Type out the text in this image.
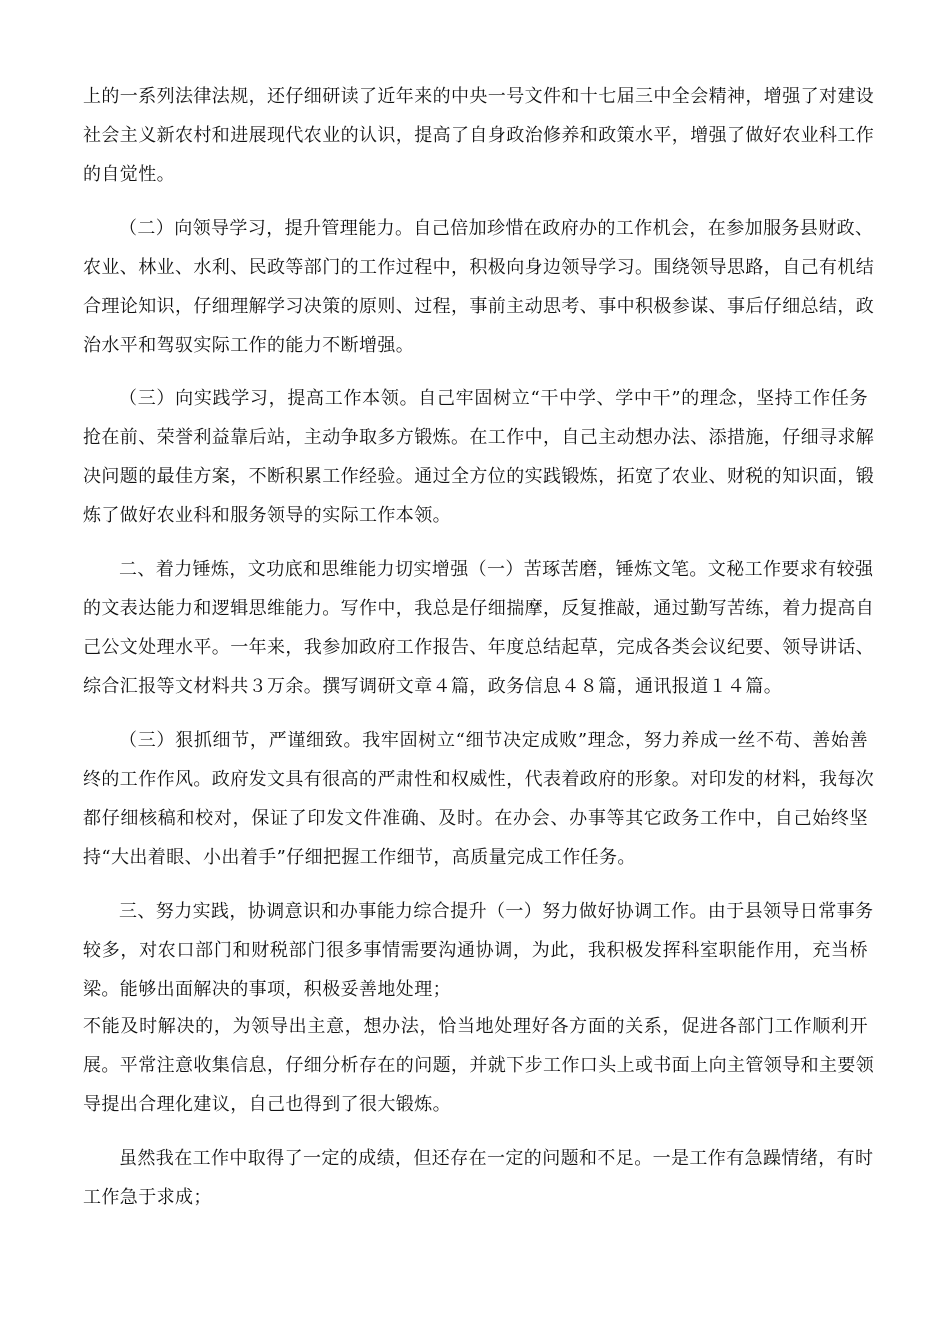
上的一系列法律法规，还仔细研读了近年来的中央一号文件和十七届三中全会精神，增强了对建设
社会主义新农村和进展现代农业的认识，提高了自身政治修养和政策水平，增强了做好农业科工作
的自觉性。
（二）向领导学习，提升管理能力。自己倍加珍惜在政府办的工作机会，在参加服务县财政、
农业、林业、水利、民政等部门的工作过程中，积极向身边领导学习。围绕领导思路，自己有机结
合理论知识，仔细理解学习决策的原则、过程，事前主动思考、事中积极参谋、事后仔细总结，政
治水平和驾驭实际工作的能力不断增强。
（三）向实践学习，提高工作本领。自己牢固树立“干中学、学中干”的理念，坚持工作任务
抢在前、荣誉利益靠后站，主动争取多方锻炼。在工作中，自己主动想办法、添措施，仔细寻求解
决问题的最佳方案，不断积累工作经验。通过全方位的实践锻炼，拓宽了农业、财税的知识面，锻
炼了做好农业科和服务领导的实际工作本领。
二、着力锤炼，文功底和思维能力切实增强（一）苦琢苦磨，锤炼文笔。文秘工作要求有较强
的文表达能力和逻辑思维能力。写作中，我总是仔细揣摩，反复推敲，通过勤写苦练，着力提高自
己公文处理水平。一年来，我参加政府工作报告、年度总结起草，完成各类会议纪要、领导讲话、
综合汇报等文材料共３万余。撰写调研文章４篇，政务信息４８篇，通讯报道１４篇。
（三）狠抓细节，严谨细致。我牢固树立“细节决定成败”理念，努力养成一丝不苟、善始善
终的工作作风。政府发文具有很高的严肃性和权威性，代表着政府的形象。对印发的材料，我每次
都仔细核稿和校对，保证了印发文件准确、及时。在办会、办事等其它政务工作中，自己始终坚
持“大出着眼、小出着手”仔细把握工作细节，高质量完成工作任务。
三、努力实践，协调意识和办事能力综合提升（一）努力做好协调工作。由于县领导日常事务
较多，对农口部门和财税部门很多事情需要沟通协调，为此，我积极发挥科室职能作用，充当桥
梁。能够出面解决的事项，积极妥善地处理；
不能及时解决的，为领导出主意，想办法，恰当地处理好各方面的关系，促进各部门工作顺利开
展。平常注意收集信息，仔细分析存在的问题，并就下步工作口头上或书面上向主管领导和主要领
导提出合理化建议，自己也得到了很大锻炼。
虽然我在工作中取得了一定的成绩，但还存在一定的问题和不足。一是工作有急躁情绪，有时
工作急于求成；
